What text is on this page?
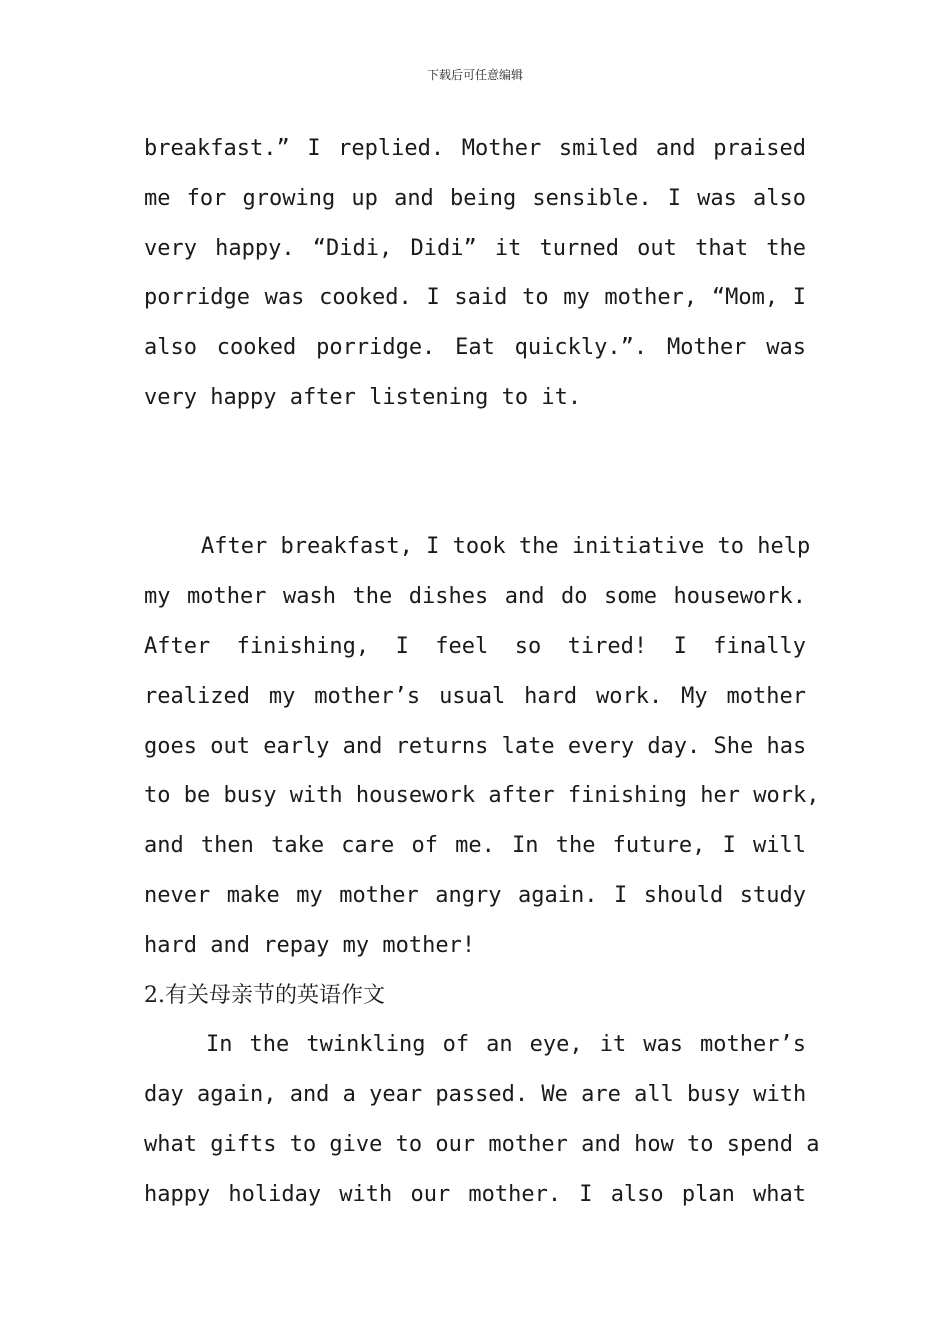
下载后可任意编辑
breakfast.” I replied. Mother smiled and praised
me for growing up and being sensible. I was also
very happy. “Didi, Didi” it turned out that the
porridge was cooked. I said to my mother, “Mom, I
also cooked porridge. Eat quickly.”. Mother was
very happy after listening to it.
After breakfast, I took the initiative to help
my mother wash the dishes and do some housework.
After finishing, I feel so tired! I finally
realized my mother’s usual hard work. My mother
goes out early and returns late every day. She has
to be busy with housework after finishing her work,
and then take care of me. In the future, I will
never make my mother angry again. I should study
hard and repay my mother!
2.有关母亲节的英语作文
In the twinkling of an eye, it was mother’s
day again, and a year passed. We are all busy with
what gifts to give to our mother and how to spend a
happy holiday with our mother. I also plan what
